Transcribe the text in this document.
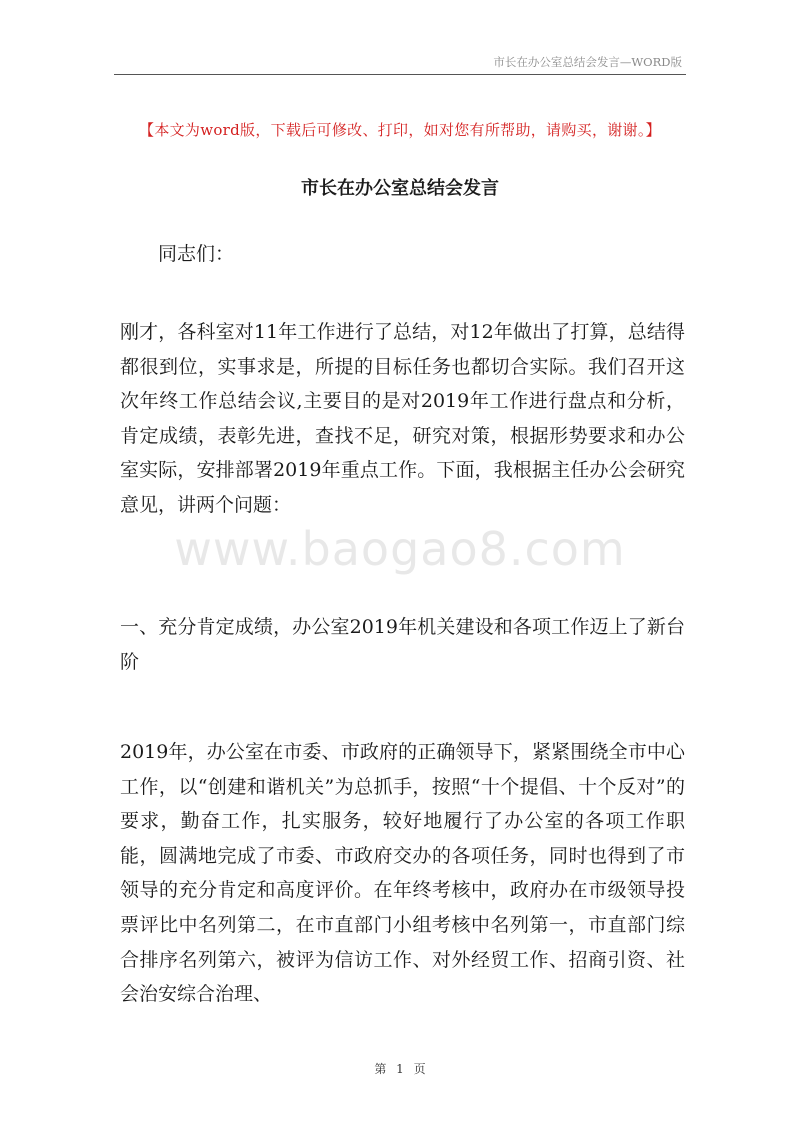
市长在办公室总结会发言—WORD版
【本文为word版，下载后可修改、打印，如对您有所帮助，请购买，谢谢。】
市长在办公室总结会发言
同志们：
刚才，各科室对11年工作进行了总结，对12年做出了打算，总结得都很到位，实事求是，所提的目标任务也都切合实际。我们召开这次年终工作总结会议,主要目的是对2019年工作进行盘点和分析，肯定成绩，表彰先进，查找不足，研究对策，根据形势要求和办公室实际，安排部署2019年重点工作。下面，我根据主任办公会研究意见，讲两个问题：
www.baogao8.com
一、充分肯定成绩，办公室2019年机关建设和各项工作迈上了新台阶
2019年，办公室在市委、市政府的正确领导下，紧紧围绕全市中心工作，以“创建和谐机关”为总抓手，按照“十个提倡、十个反对”的要求，勤奋工作，扎实服务，较好地履行了办公室的各项工作职能，圆满地完成了市委、市政府交办的各项任务，同时也得到了市领导的充分肯定和高度评价。在年终考核中，政府办在市级领导投票评比中名列第二，在市直部门小组考核中名列第一，市直部门综合排序名列第六，被评为信访工作、对外经贸工作、招商引资、社会治安综合治理、
第 1 页
